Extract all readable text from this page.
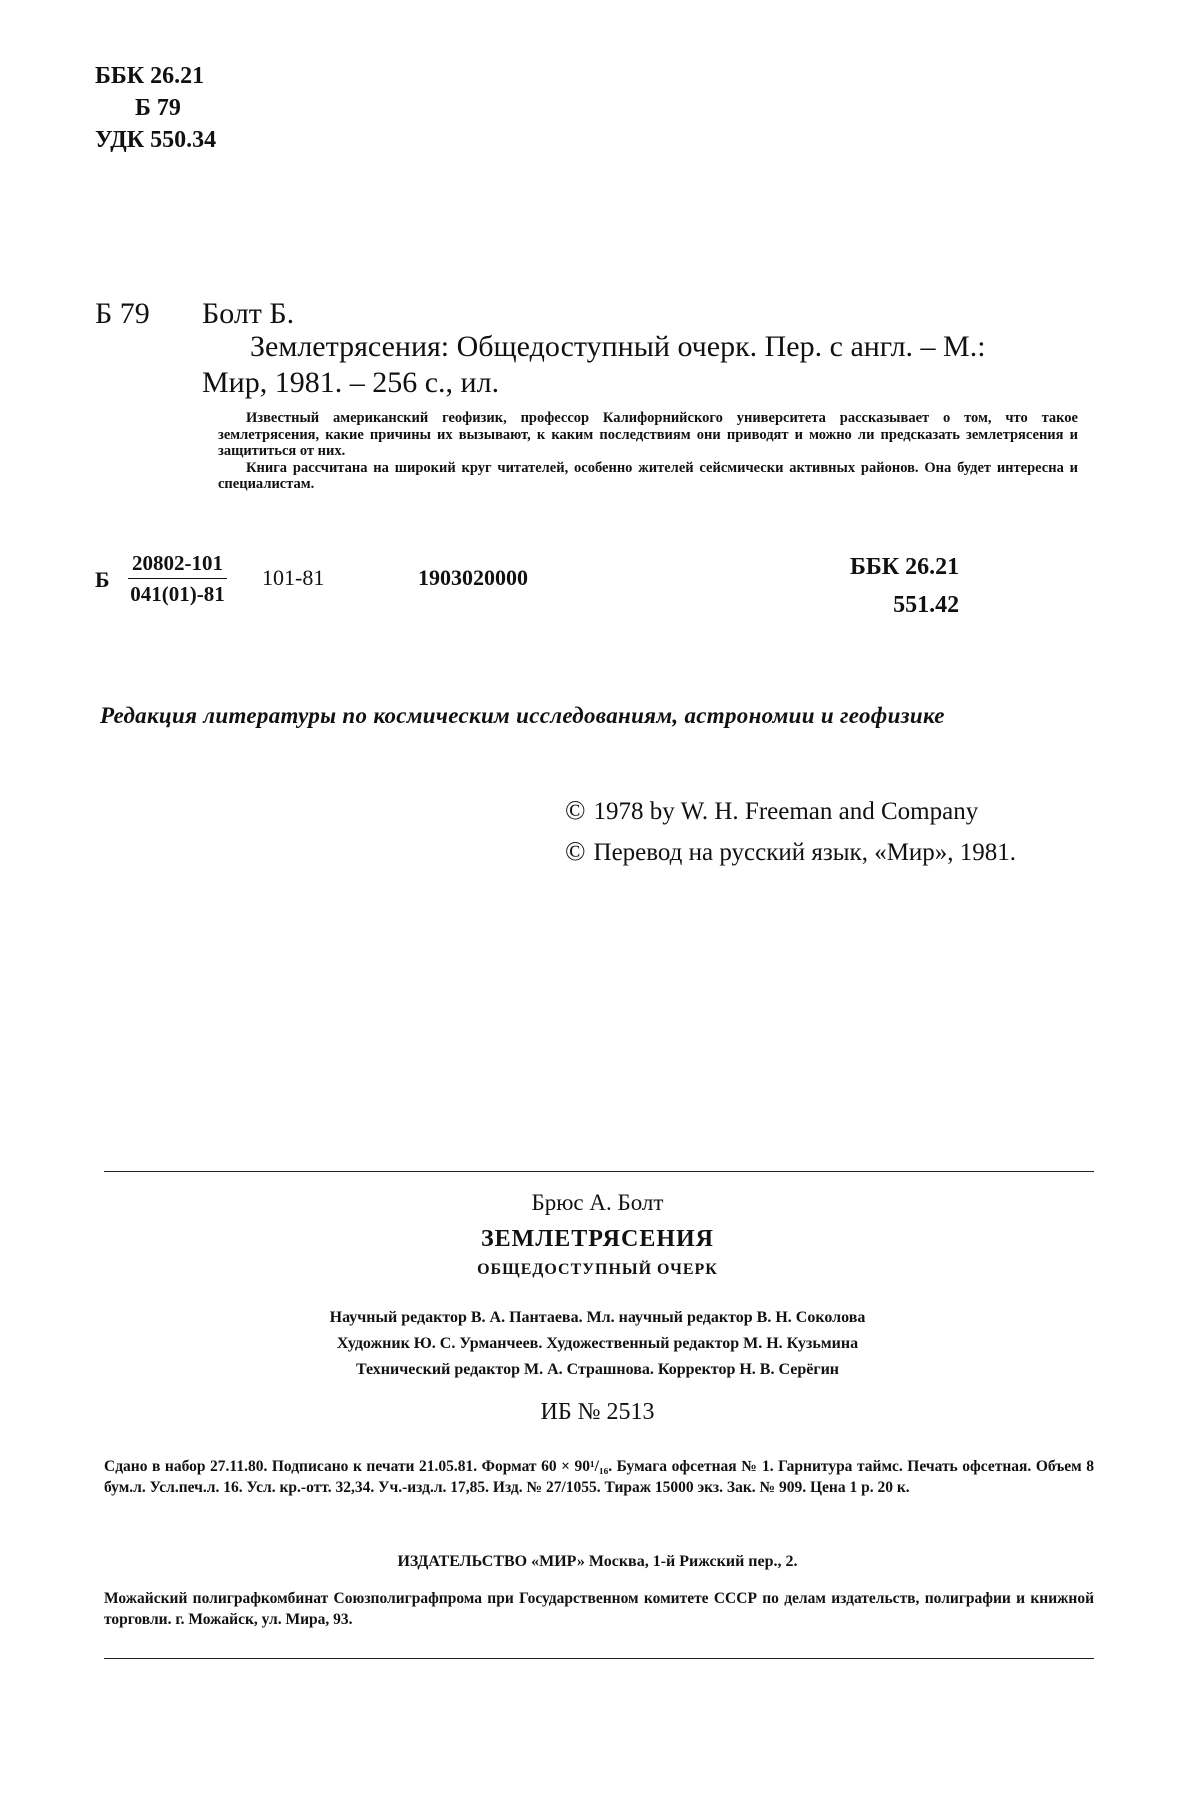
ББК 26.21
Б 79
УДК 550.34
Б 79 Болт Б.
Землетрясения: Общедоступный очерк. Пер. с англ. – М.:
Мир, 1981. – 256 с., ил.

Известный американский геофизик, профессор Калифорнийского университета рассказывает о том, что такое землетрясения, какие причины их вызывают, к каким последствиям они приводят и можно ли предсказать землетрясения и защититься от них.

Книга рассчитана на широкий круг читателей, особенно жителей сейсмически активных районов. Она будет интересна и специалистам.

Б $\frac{20802-101}{041(01)-81} 101-81$	1903020000	ББК 26.21
551.42
Редакция литературы по космическим исследованиям, астрономии и геофизике
© 1978 by W. H. Freeman and Company
© Перевод на русский язык, «Мир», 1981.
Брюс А. Болт
ЗЕМЛЕТРЯСЕНИЯ
ОБЩЕДОСТУПНЫЙ ОЧЕРК
Научный редактор В. А. Пантаева. Мл. научный редактор В. Н. Соколова
Художник Ю. С. Урманчеев. Художественный редактор М. Н. Кузьмина
Технический редактор М. А. Страшнова. Корректор Н. В. Серёгин
ИБ № 2513
Сдано в набор 27.11.80. Подписано к печати 21.05.81. Формат 60 × 90¹/₁₆. Бумага офсетная № 1. Гарнитура таймс. Печать офсетная. Объем 8 бум.л. Усл.печ.л. 16. Усл. кр.-отт. 32,34. Уч.-изд.л. 17,85. Изд. № 27/1055. Тираж 15000 экз. Зак. № 909. Цена 1 р. 20 к.
ИЗДАТЕЛЬСТВО «МИР» Москва, 1-й Рижский пер., 2.
Можайский полиграфкомбинат Союзполиграфпрома при Государственном комитете СССР по делам издательств, полиграфии и книжной торговли. г. Можайск, ул. Мира, 93.
